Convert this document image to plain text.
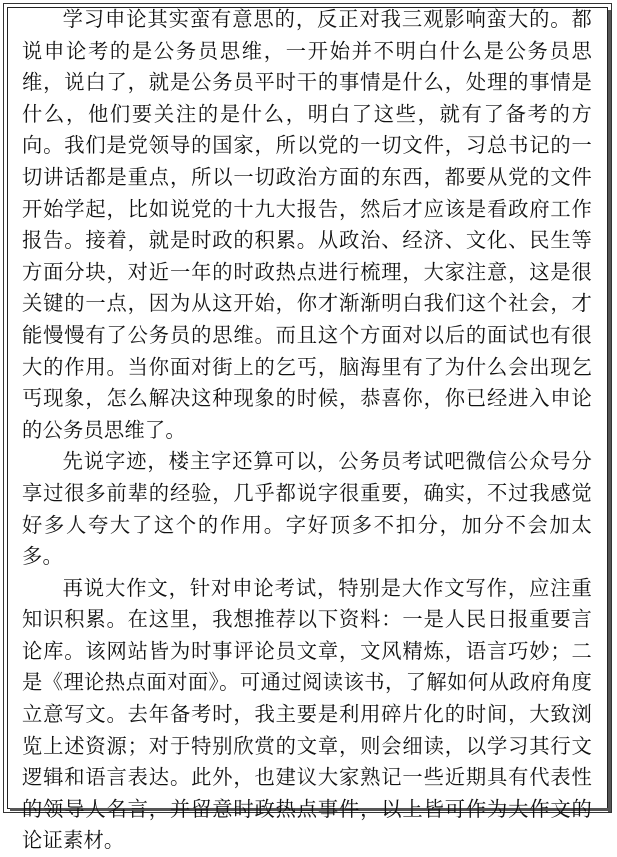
学习申论其实蛮有意思的，反正对我三观影响蛮大的。都说申论考的是公务员思维，一开始并不明白什么是公务员思维，说白了，就是公务员平时干的事情是什么，处理的事情是什么，他们要关注的是什么，明白了这些，就有了备考的方向。我们是党领导的国家，所以党的一切文件，习总书记的一切讲话都是重点，所以一切政治方面的东西，都要从党的文件开始学起，比如说党的十九大报告，然后才应该是看政府工作报告。接着，就是时政的积累。从政治、经济、文化、民生等方面分块，对近一年的时政热点进行梳理，大家注意，这是很关键的一点，因为从这开始，你才渐渐明白我们这个社会，才能慢慢有了公务员的思维。而且这个方面对以后的面试也有很大的作用。当你面对街上的乞丐，脑海里有了为什么会出现乞丐现象，怎么解决这种现象的时候，恭喜你，你已经进入申论的公务员思维了。

先说字迹，楼主字还算可以，公务员考试吧微信公众号分享过很多前辈的经验，几乎都说字很重要，确实，不过我感觉好多人夸大了这个的作用。字好顶多不扣分，加分不会加太多。

再说大作文，针对申论考试，特别是大作文写作，应注重知识积累。在这里，我想推荐以下资料：一是人民日报重要言论库。该网站皆为时事评论员文章，文风精炼，语言巧妙；二是《理论热点面对面》。可通过阅读该书，了解如何从政府角度立意写文。去年备考时，我主要是利用碎片化的时间，大致浏览上述资源；对于特别欣赏的文章，则会细读，以学习其行文逻辑和语言表达。此外，也建议大家熟记一些近期具有代表性的领导人名言，并留意时政热点事件，以上皆可作为大作文的论证素材。
